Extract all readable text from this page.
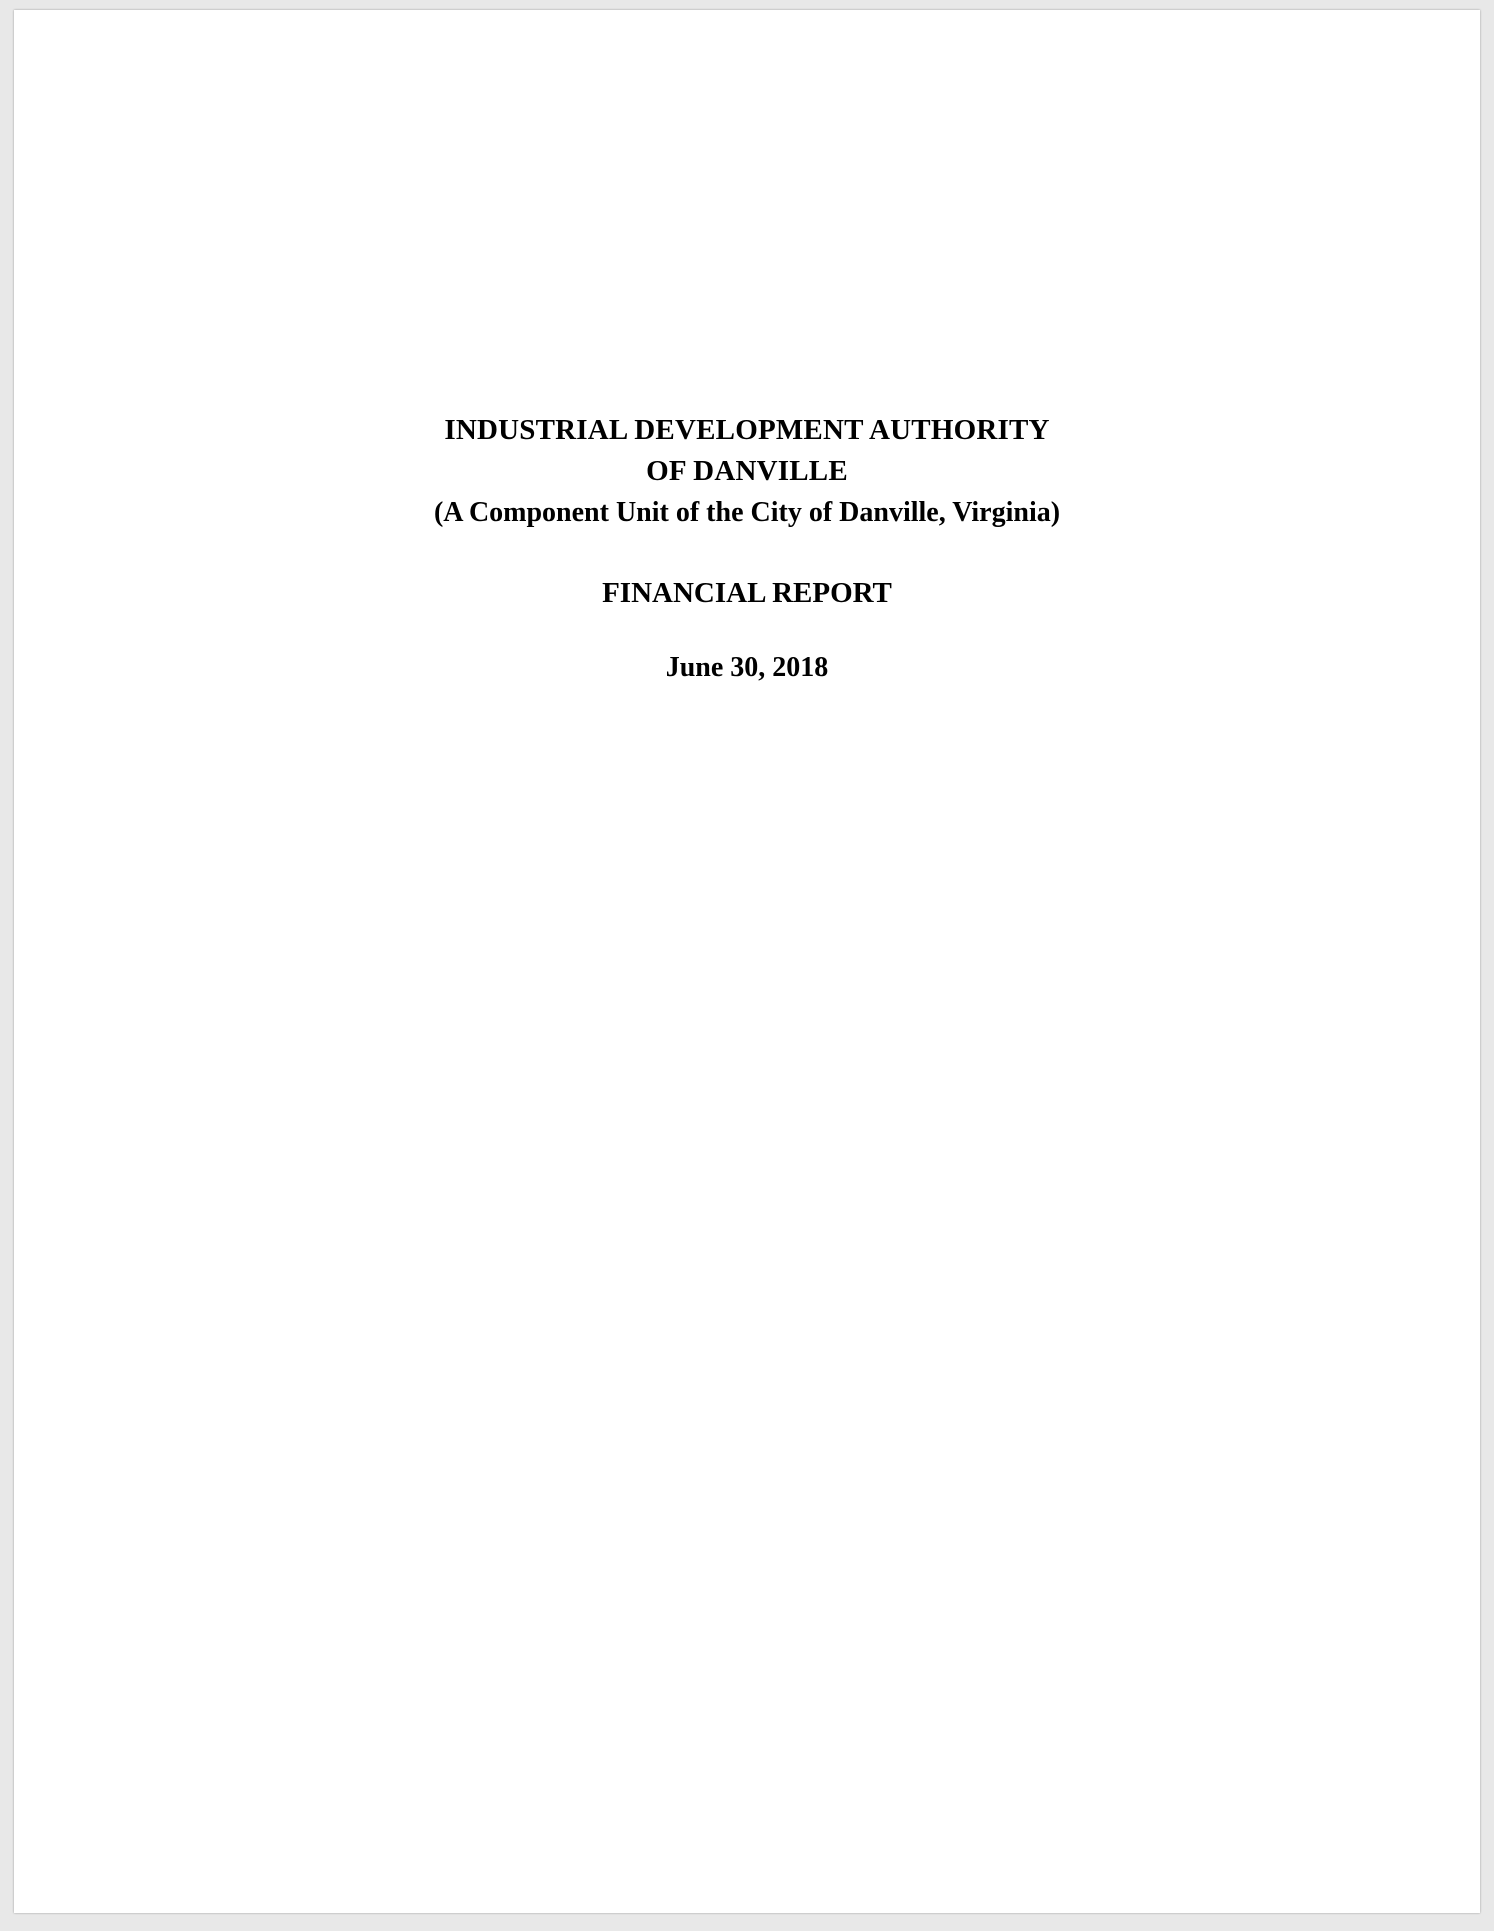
INDUSTRIAL DEVELOPMENT AUTHORITY
OF DANVILLE
(A Component Unit of the City of Danville, Virginia)
FINANCIAL REPORT
June 30, 2018
